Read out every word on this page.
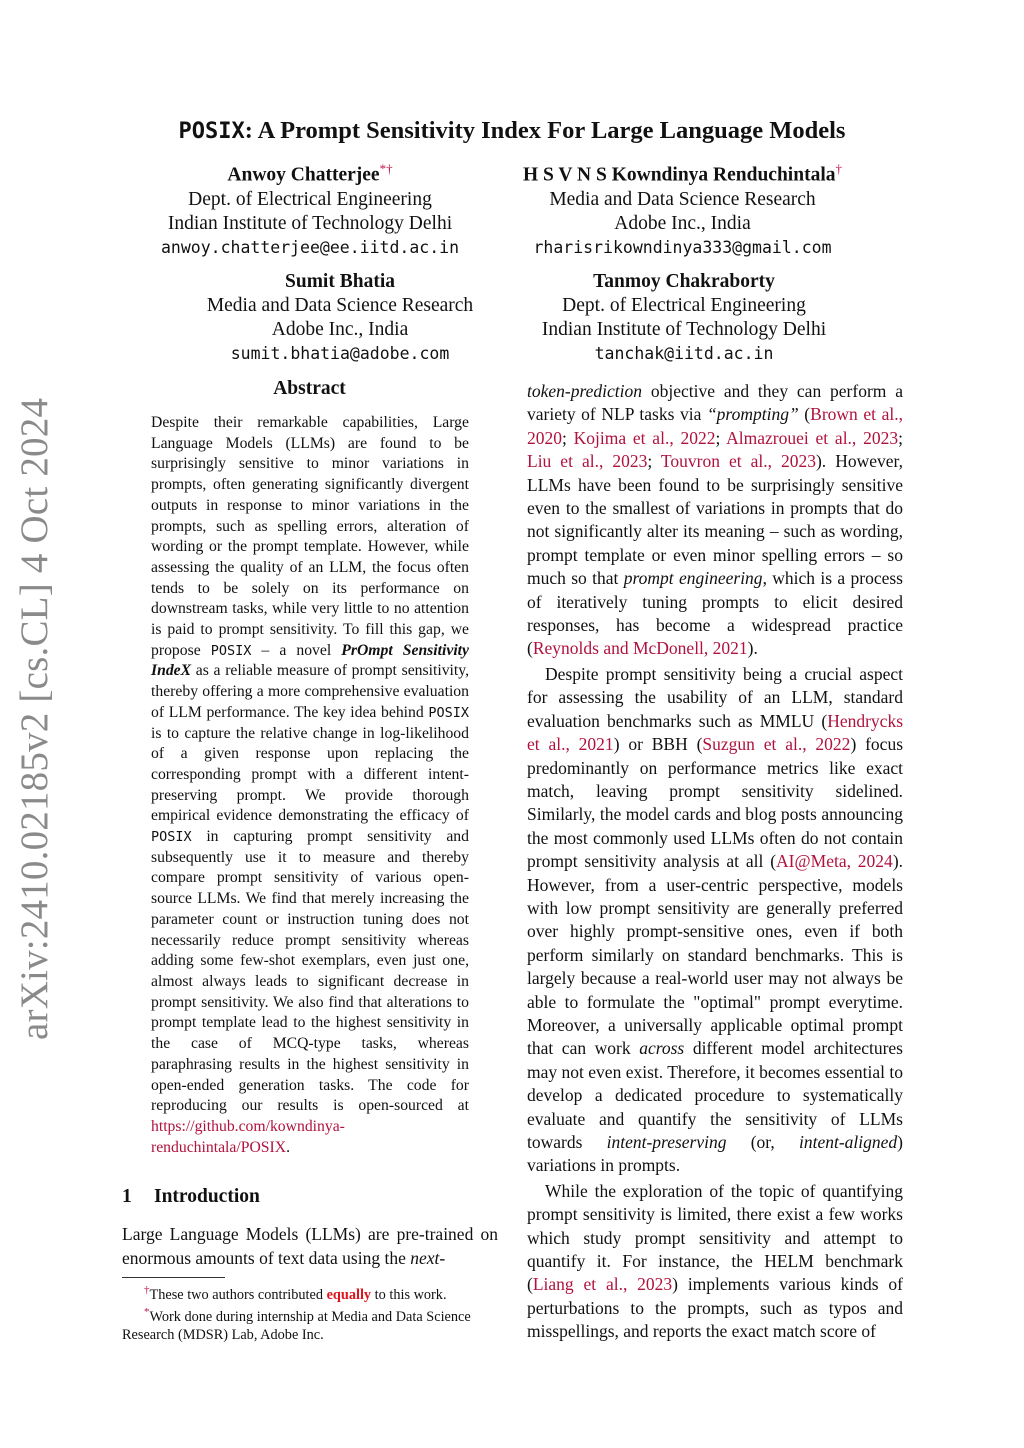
arXiv:2410.02185v2 [cs.CL] 4 Oct 2024
POSIX: A Prompt Sensitivity Index For Large Language Models
Anwoy Chatterjee*†
Dept. of Electrical Engineering
Indian Institute of Technology Delhi
anwoy.chatterjee@ee.iitd.ac.in
H S V N S Kowndinya Renduchintala†
Media and Data Science Research
Adobe Inc., India
rharisrikowndinya333@gmail.com
Sumit Bhatia
Media and Data Science Research
Adobe Inc., India
sumit.bhatia@adobe.com
Tanmoy Chakraborty
Dept. of Electrical Engineering
Indian Institute of Technology Delhi
tanchak@iitd.ac.in
Abstract
Despite their remarkable capabilities, Large Language Models (LLMs) are found to be surprisingly sensitive to minor variations in prompts, often generating significantly divergent outputs in response to minor variations in the prompts, such as spelling errors, alteration of wording or the prompt template. However, while assessing the quality of an LLM, the focus often tends to be solely on its performance on downstream tasks, while very little to no attention is paid to prompt sensitivity. To fill this gap, we propose POSIX – a novel PrOmpt Sensitivity IndeX as a reliable measure of prompt sensitivity, thereby offering a more comprehensive evaluation of LLM performance. The key idea behind POSIX is to capture the relative change in log-likelihood of a given response upon replacing the corresponding prompt with a different intent-preserving prompt. We provide thorough empirical evidence demonstrating the efficacy of POSIX in capturing prompt sensitivity and subsequently use it to measure and thereby compare prompt sensitivity of various open-source LLMs. We find that merely increasing the parameter count or instruction tuning does not necessarily reduce prompt sensitivity whereas adding some few-shot exemplars, even just one, almost always leads to significant decrease in prompt sensitivity. We also find that alterations to prompt template lead to the highest sensitivity in the case of MCQ-type tasks, whereas paraphrasing results in the highest sensitivity in open-ended generation tasks. The code for reproducing our results is open-sourced at https://github.com/kowndinya-renduchintala/POSIX.
1 Introduction
Large Language Models (LLMs) are pre-trained on enormous amounts of text data using the next-
†These two authors contributed equally to this work.
*Work done during internship at Media and Data Science Research (MDSR) Lab, Adobe Inc.

token-prediction objective and they can perform a variety of NLP tasks via “prompting” (Brown et al., 2020; Kojima et al., 2022; Almazrouei et al., 2023; Liu et al., 2023; Touvron et al., 2023). However, LLMs have been found to be surprisingly sensitive even to the smallest of variations in prompts that do not significantly alter its meaning – such as wording, prompt template or even minor spelling errors – so much so that prompt engineering, which is a process of iteratively tuning prompts to elicit desired responses, has become a widespread practice (Reynolds and McDonell, 2021).

Despite prompt sensitivity being a crucial aspect for assessing the usability of an LLM, standard evaluation benchmarks such as MMLU (Hendrycks et al., 2021) or BBH (Suzgun et al., 2022) focus predominantly on performance metrics like exact match, leaving prompt sensitivity sidelined. Similarly, the model cards and blog posts announcing the most commonly used LLMs often do not contain prompt sensitivity analysis at all (AI@Meta, 2024). However, from a user-centric perspective, models with low prompt sensitivity are generally preferred over highly prompt-sensitive ones, even if both perform similarly on standard benchmarks. This is largely because a real-world user may not always be able to formulate the "optimal" prompt everytime. Moreover, a universally applicable optimal prompt that can work across different model architectures may not even exist. Therefore, it becomes essential to develop a dedicated procedure to systematically evaluate and quantify the sensitivity of LLMs towards intent-preserving (or, intent-aligned) variations in prompts.

While the exploration of the topic of quantifying prompt sensitivity is limited, there exist a few works which study prompt sensitivity and attempt to quantify it. For instance, the HELM benchmark (Liang et al., 2023) implements various kinds of perturbations to the prompts, such as typos and misspellings, and reports the exact match score of
